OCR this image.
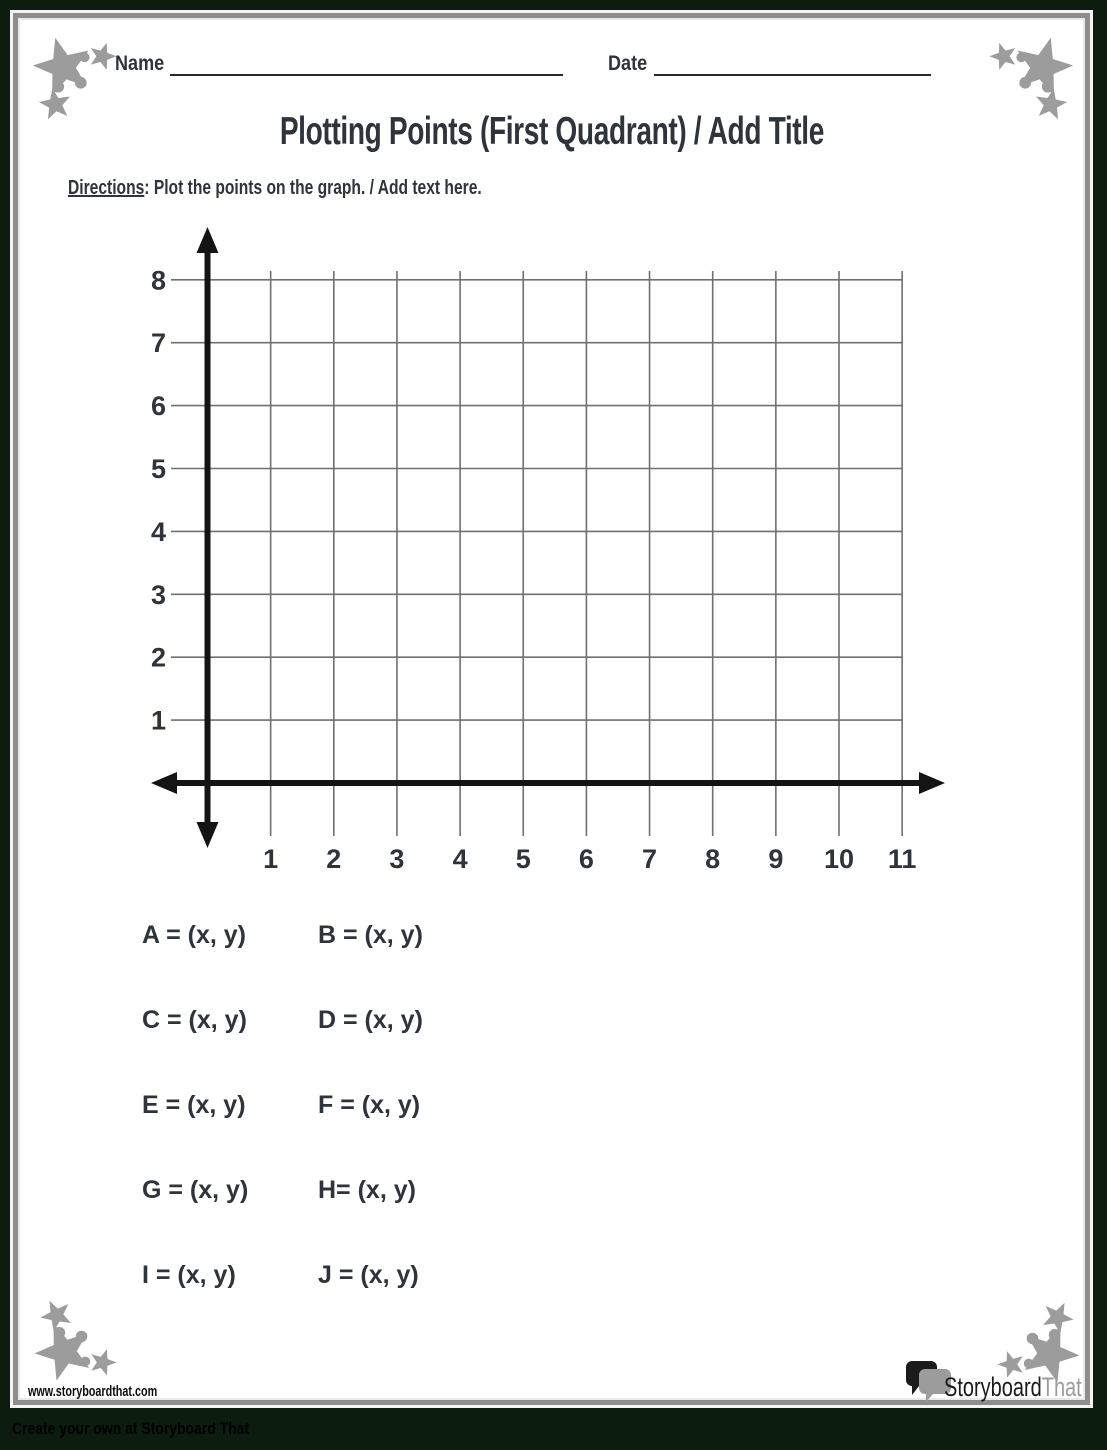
Name	Date
Plotting Points (First Quadrant) / Add Title
Directions: Plot the points on the graph. / Add text here.
1 2 3 4 5 6 7 8 9 10 11
1
2
3
4
5
6
7
8
A = (x, y)	B = (x, y)
C = (x, y)	D = (x, y)
E = (x, y)	F = (x, y)
G = (x, y)	H= (x, y)
I = (x, y)	J = (x, y)
www.storyboardthat.com	StoryboardThat
Create your own at Storyboard That
